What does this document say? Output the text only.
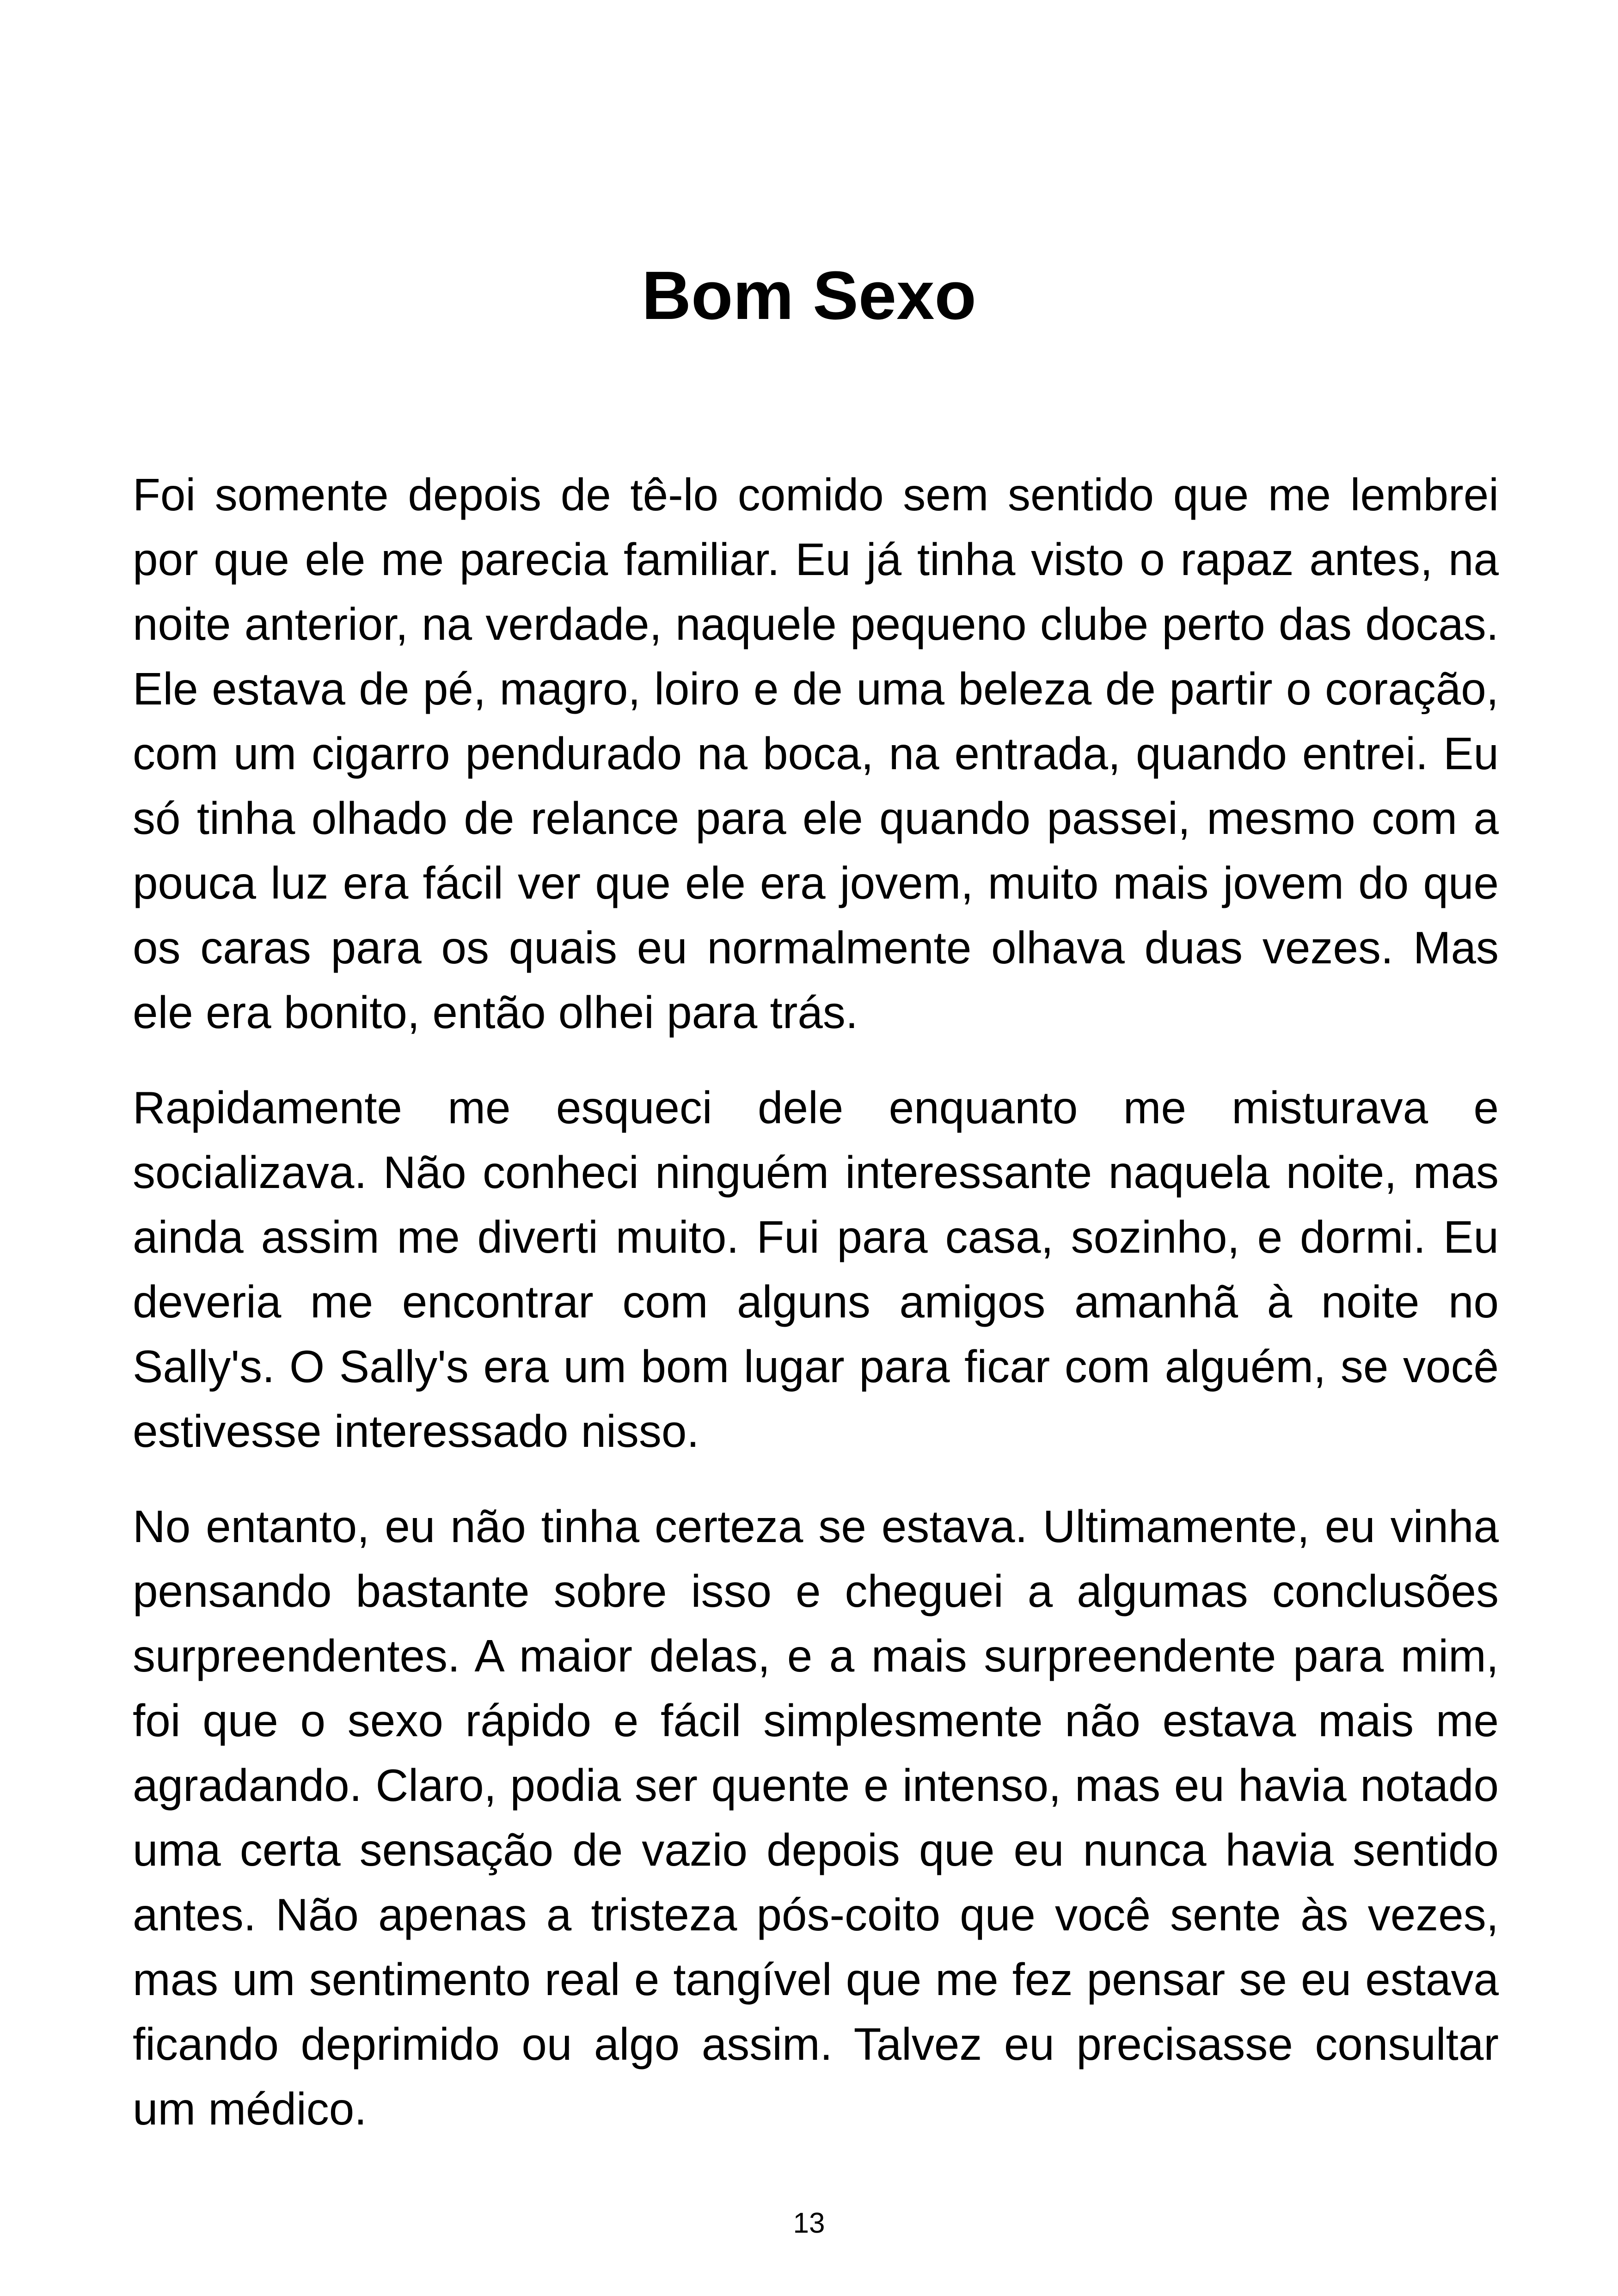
Bom Sexo

Foi somente depois de tê-lo comido sem sentido que me lembrei por que ele me parecia familiar. Eu já tinha visto o rapaz antes, na noite anterior, na verdade, naquele pequeno clube perto das docas. Ele estava de pé, magro, loiro e de uma beleza de partir o coração, com um cigarro pendurado na boca, na entrada, quando entrei. Eu só tinha olhado de relance para ele quando passei, mesmo com a pouca luz era fácil ver que ele era jovem, muito mais jovem do que os caras para os quais eu normalmente olhava duas vezes. Mas ele era bonito, então olhei para trás.

Rapidamente me esqueci dele enquanto me misturava e socializava. Não conheci ninguém interessante naquela noite, mas ainda assim me diverti muito. Fui para casa, sozinho, e dormi. Eu deveria me encontrar com alguns amigos amanhã à noite no Sally's. O Sally's era um bom lugar para ficar com alguém, se você estivesse interessado nisso.

No entanto, eu não tinha certeza se estava. Ultimamente, eu vinha pensando bastante sobre isso e cheguei a algumas conclusões surpreendentes. A maior delas, e a mais surpreendente para mim, foi que o sexo rápido e fácil simplesmente não estava mais me agradando. Claro, podia ser quente e intenso, mas eu havia notado uma certa sensação de vazio depois que eu nunca havia sentido antes. Não apenas a tristeza pós-coito que você sente às vezes, mas um sentimento real e tangível que me fez pensar se eu estava ficando deprimido ou algo assim. Talvez eu precisasse consultar um médico.

13
